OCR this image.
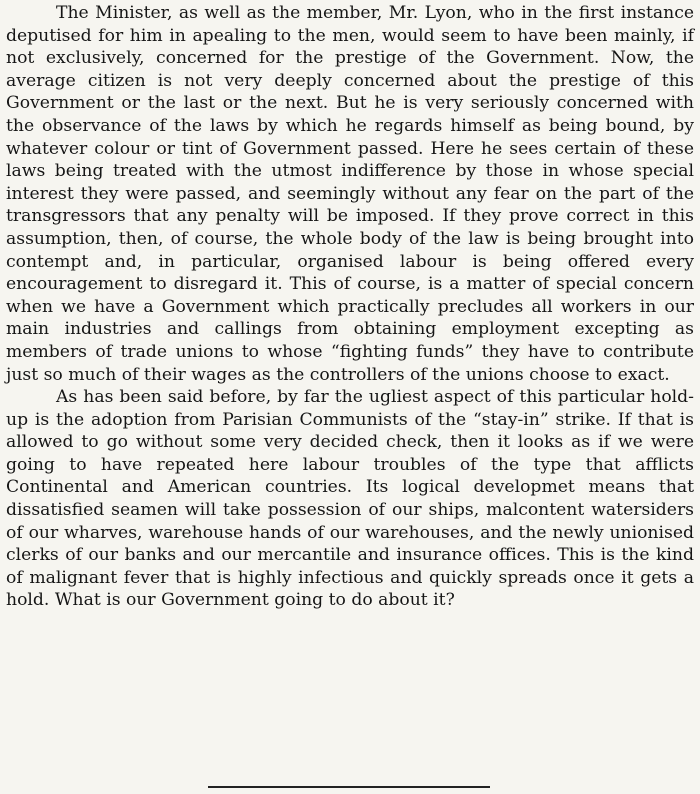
The Minister, as well as the member, Mr. Lyon, who in the first instance deputised for him in apealing to the men, would seem to have been mainly, if not exclusively, concerned for the prestige of the Government. Now, the average citizen is not very deeply concerned about the prestige of this Government or the last or the next. But he is very seriously concerned with the observance of the laws by which he regards himself as being bound, by whatever colour or tint of Government passed. Here he sees certain of these laws being treated with the utmost indifference by those in whose special interest they were passed, and seemingly without any fear on the part of the transgressors that any penalty will be imposed. If they prove correct in this assumption, then, of course, the whole body of the law is being brought into contempt and, in particular, organised labour is being offered every encouragement to disregard it. This of course, is a matter of special concern when we have a Government which practically precludes all workers in our main industries and callings from obtaining employment excepting as members of trade unions to whose “fighting funds” they have to contribute just so much of their wages as the controllers of the unions choose to exact.

As has been said before, by far the ugliest aspect of this particular hold-up is the adoption from Parisian Communists of the “stay-in” strike. If that is allowed to go without some very decided check, then it looks as if we were going to have repeated here labour troubles of the type that afflicts Continental and American countries. Its logical developmet means that dissatisfied seamen will take possession of our ships, malcontent watersiders of our wharves, warehouse hands of our warehouses, and the newly unionised clerks of our banks and our mercantile and insurance offices. This is the kind of malignant fever that is highly infectious and quickly spreads once it gets a hold. What is our Government going to do about it?
